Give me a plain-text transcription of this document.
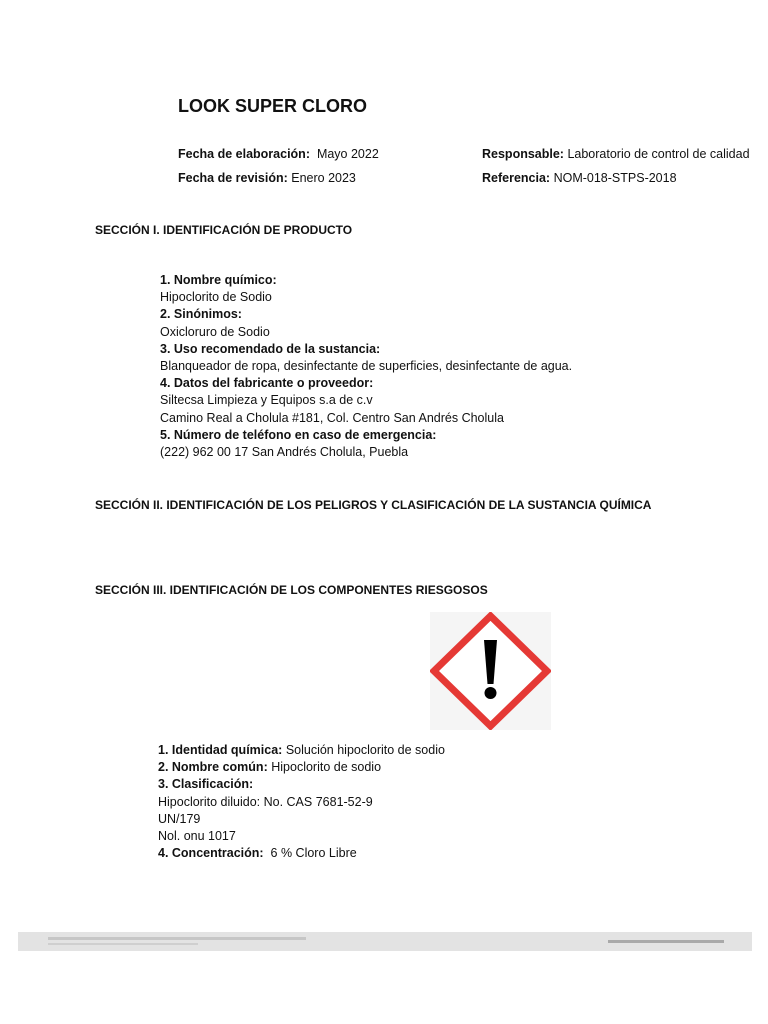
LOOK SUPER CLORO
Fecha de elaboración: Mayo 2022
Fecha de revisión: Enero 2023
Responsable: Laboratorio de control de calidad
Referencia: NOM-018-STPS-2018
SECCIÓN I. IDENTIFICACIÓN DE PRODUCTO
1. Nombre químico:
Hipoclorito de Sodio
2. Sinónimos:
Oxicloruro de Sodio
3. Uso recomendado de la sustancia:
Blanqueador de ropa, desinfectante de superficies, desinfectante de agua.
4. Datos del fabricante o proveedor:
Siltecsa Limpieza y Equipos s.a de c.v
Camino Real a Cholula #181, Col. Centro San Andrés Cholula
5. Número de teléfono en caso de emergencia:
(222) 962 00 17 San Andrés Cholula, Puebla
SECCIÓN II. IDENTIFICACIÓN DE LOS PELIGROS Y CLASIFICACIÓN DE LA SUSTANCIA QUÍMICA
SECCIÓN III. IDENTIFICACIÓN DE LOS COMPONENTES RIESGOSOS
1. Identidad química: Solución hipoclorito de sodio
2. Nombre común: Hipoclorito de sodio
3. Clasificación:
Hipoclorito diluido: No. CAS 7681-52-9
UN/179
Nol. onu 1017
4. Concentración: 6 % Cloro Libre
